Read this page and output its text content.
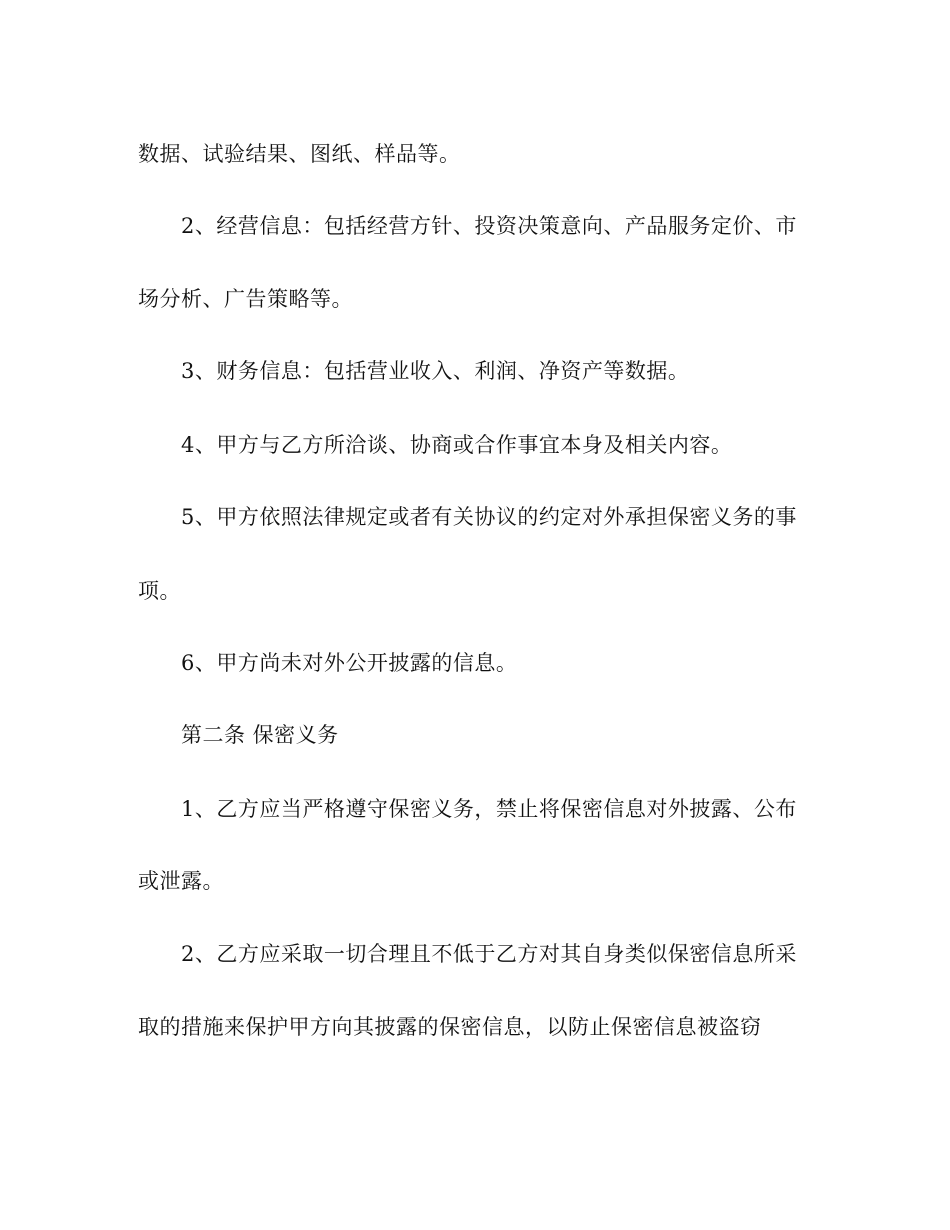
数据、试验结果、图纸、样品等。

2、经营信息：包括经营方针、投资决策意向、产品服务定价、市

场分析、广告策略等。

3、财务信息：包括营业收入、利润、净资产等数据。

4、甲方与乙方所洽谈、协商或合作事宜本身及相关内容。

5、甲方依照法律规定或者有关协议的约定对外承担保密义务的事

项。

6、甲方尚未对外公开披露的信息。

第二条 保密义务

1、乙方应当严格遵守保密义务，禁止将保密信息对外披露、公布

或泄露。

2、乙方应采取一切合理且不低于乙方对其自身类似保密信息所采

取的措施来保护甲方向其披露的保密信息，以防止保密信息被盗窃
